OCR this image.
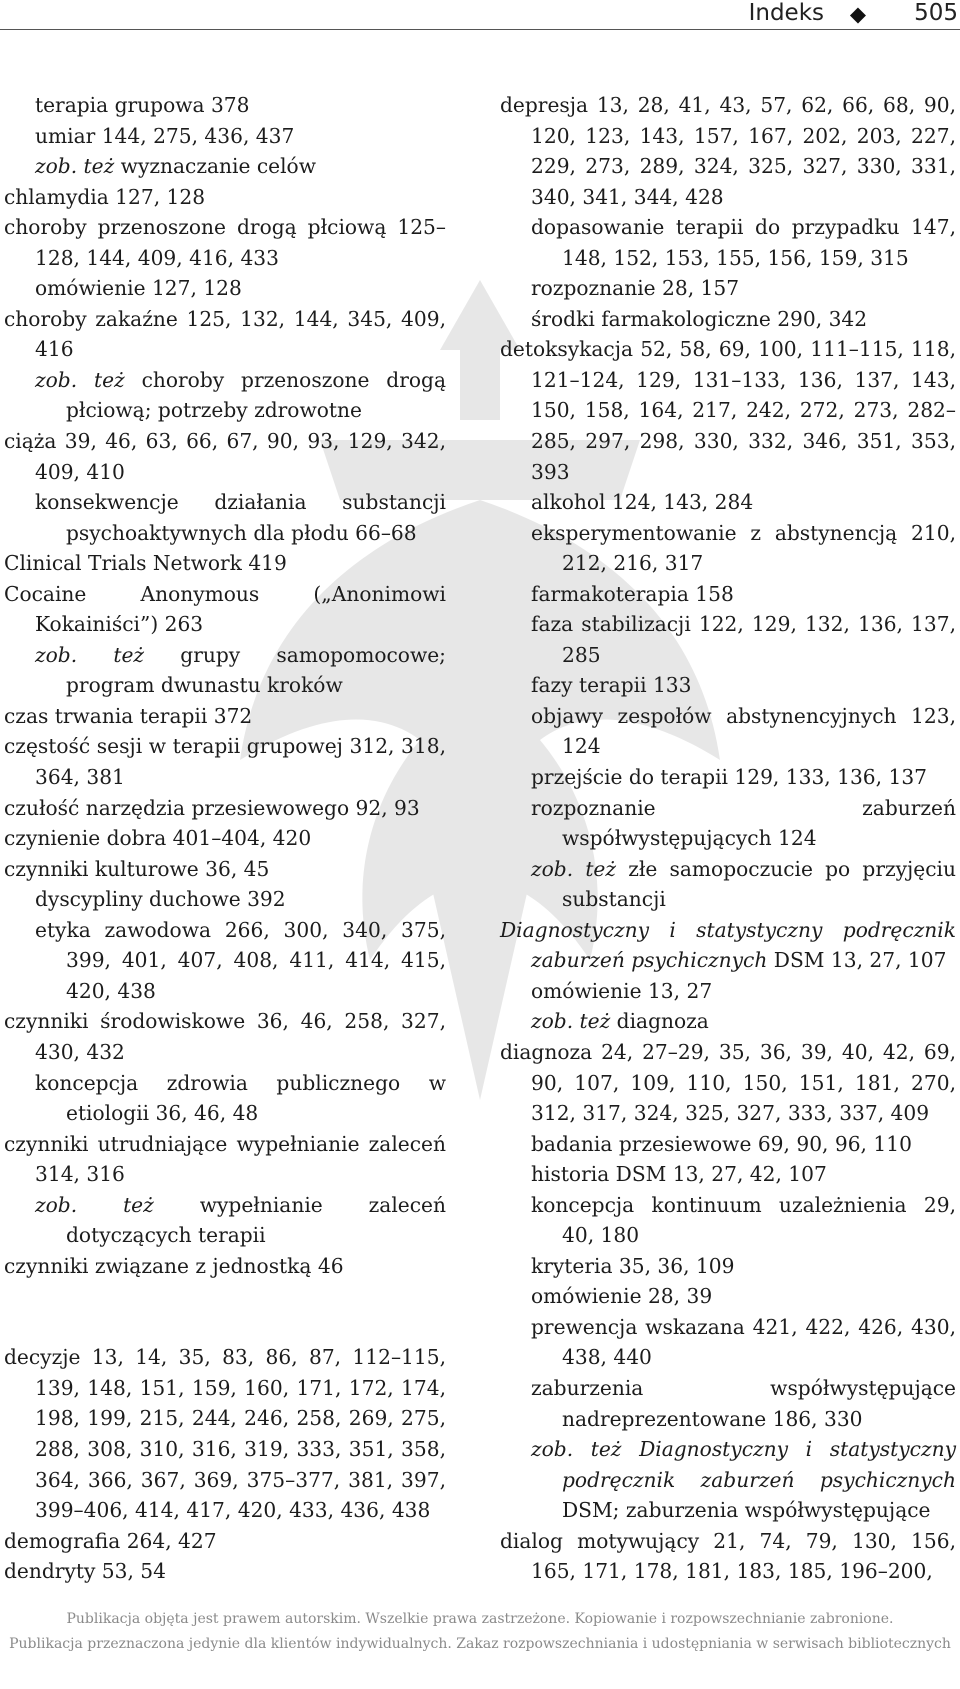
Indeks ◆ 505
terapia grupowa 378
umiar 144, 275, 436, 437
zob. też wyznaczanie celów
chlamydia 127, 128
choroby przenoszone drogą płciową 125–128, 144, 409, 416, 433
omówienie 127, 128
choroby zakaźne 125, 132, 144, 345, 409, 416
zob. też choroby przenoszone drogą płciową; potrzeby zdrowotne
ciąża 39, 46, 63, 66, 67, 90, 93, 129, 342, 409, 410
konsekwencje działania substancji psychoaktywnych dla płodu 66–68
Clinical Trials Network 419
Cocaine Anonymous („Anonimowi Kokainiści”) 263
zob. też grupy samopomocowe; program dwunastu kroków
czas trwania terapii 372
częstość sesji w terapii grupowej 312, 318, 364, 381
czułość narzędzia przesiewowego 92, 93
czynienie dobra 401–404, 420
czynniki kulturowe 36, 45
dyscypliny duchowe 392
etyka zawodowa 266, 300, 340, 375, 399, 401, 407, 408, 411, 414, 415, 420, 438
czynniki środowiskowe 36, 46, 258, 327, 430, 432
koncepcja zdrowia publicznego w etiologii 36, 46, 48
czynniki utrudniające wypełnianie zaleceń 314, 316
zob. też wypełnianie zaleceń dotyczących terapii
czynniki związane z jednostką 46
decyzje 13, 14, 35, 83, 86, 87, 112–115, 139, 148, 151, 159, 160, 171, 172, 174, 198, 199, 215, 244, 246, 258, 269, 275, 288, 308, 310, 316, 319, 333, 351, 358, 364, 366, 367, 369, 375–377, 381, 397, 399–406, 414, 417, 420, 433, 436, 438
demografia 264, 427
dendryty 53, 54
depresja 13, 28, 41, 43, 57, 62, 66, 68, 90, 120, 123, 143, 157, 167, 202, 203, 227, 229, 273, 289, 324, 325, 327, 330, 331, 340, 341, 344, 428
dopasowanie terapii do przypadku 147, 148, 152, 153, 155, 156, 159, 315
rozpoznanie 28, 157
środki farmakologiczne 290, 342
detoksykacja 52, 58, 69, 100, 111–115, 118, 121–124, 129, 131–133, 136, 137, 143, 150, 158, 164, 217, 242, 272, 273, 282–285, 297, 298, 330, 332, 346, 351, 353, 393
alkohol 124, 143, 284
eksperymentowanie z abstynencją 210, 212, 216, 317
farmakoterapia 158
faza stabilizacji 122, 129, 132, 136, 137, 285
fazy terapii 133
objawy zespołów abstynencyjnych 123, 124
przejście do terapii 129, 133, 136, 137
rozpoznanie zaburzeń współwystępujących 124
zob. też złe samopoczucie po przyjęciu substancji
Diagnostyczny i statystyczny podręcznik zaburzeń psychicznych DSM 13, 27, 107
omówienie 13, 27
zob. też diagnoza
diagnoza 24, 27–29, 35, 36, 39, 40, 42, 69, 90, 107, 109, 110, 150, 151, 181, 270, 312, 317, 324, 325, 327, 333, 337, 409
badania przesiewowe 69, 90, 96, 110
historia DSM 13, 27, 42, 107
koncepcja kontinuum uzależnienia 29, 40, 180
kryteria 35, 36, 109
omówienie 28, 39
prewencja wskazana 421, 422, 426, 430, 438, 440
zaburzenia współwystępujące nadreprezentowane 186, 330
zob. też Diagnostyczny i statystyczny podręcznik zaburzeń psychicznych DSM; zaburzenia współwystępujące
dialog motywujący 21, 74, 79, 130, 156, 165, 171, 178, 181, 183, 185, 196–200,
Publikacja objęta jest prawem autorskim. Wszelkie prawa zastrzeżone. Kopiowanie i rozpowszechnianie zabronione.
Publikacja przeznaczona jedynie dla klientów indywidualnych. Zakaz rozpowszechniania i udostępniania w serwisach bibliotecznych
